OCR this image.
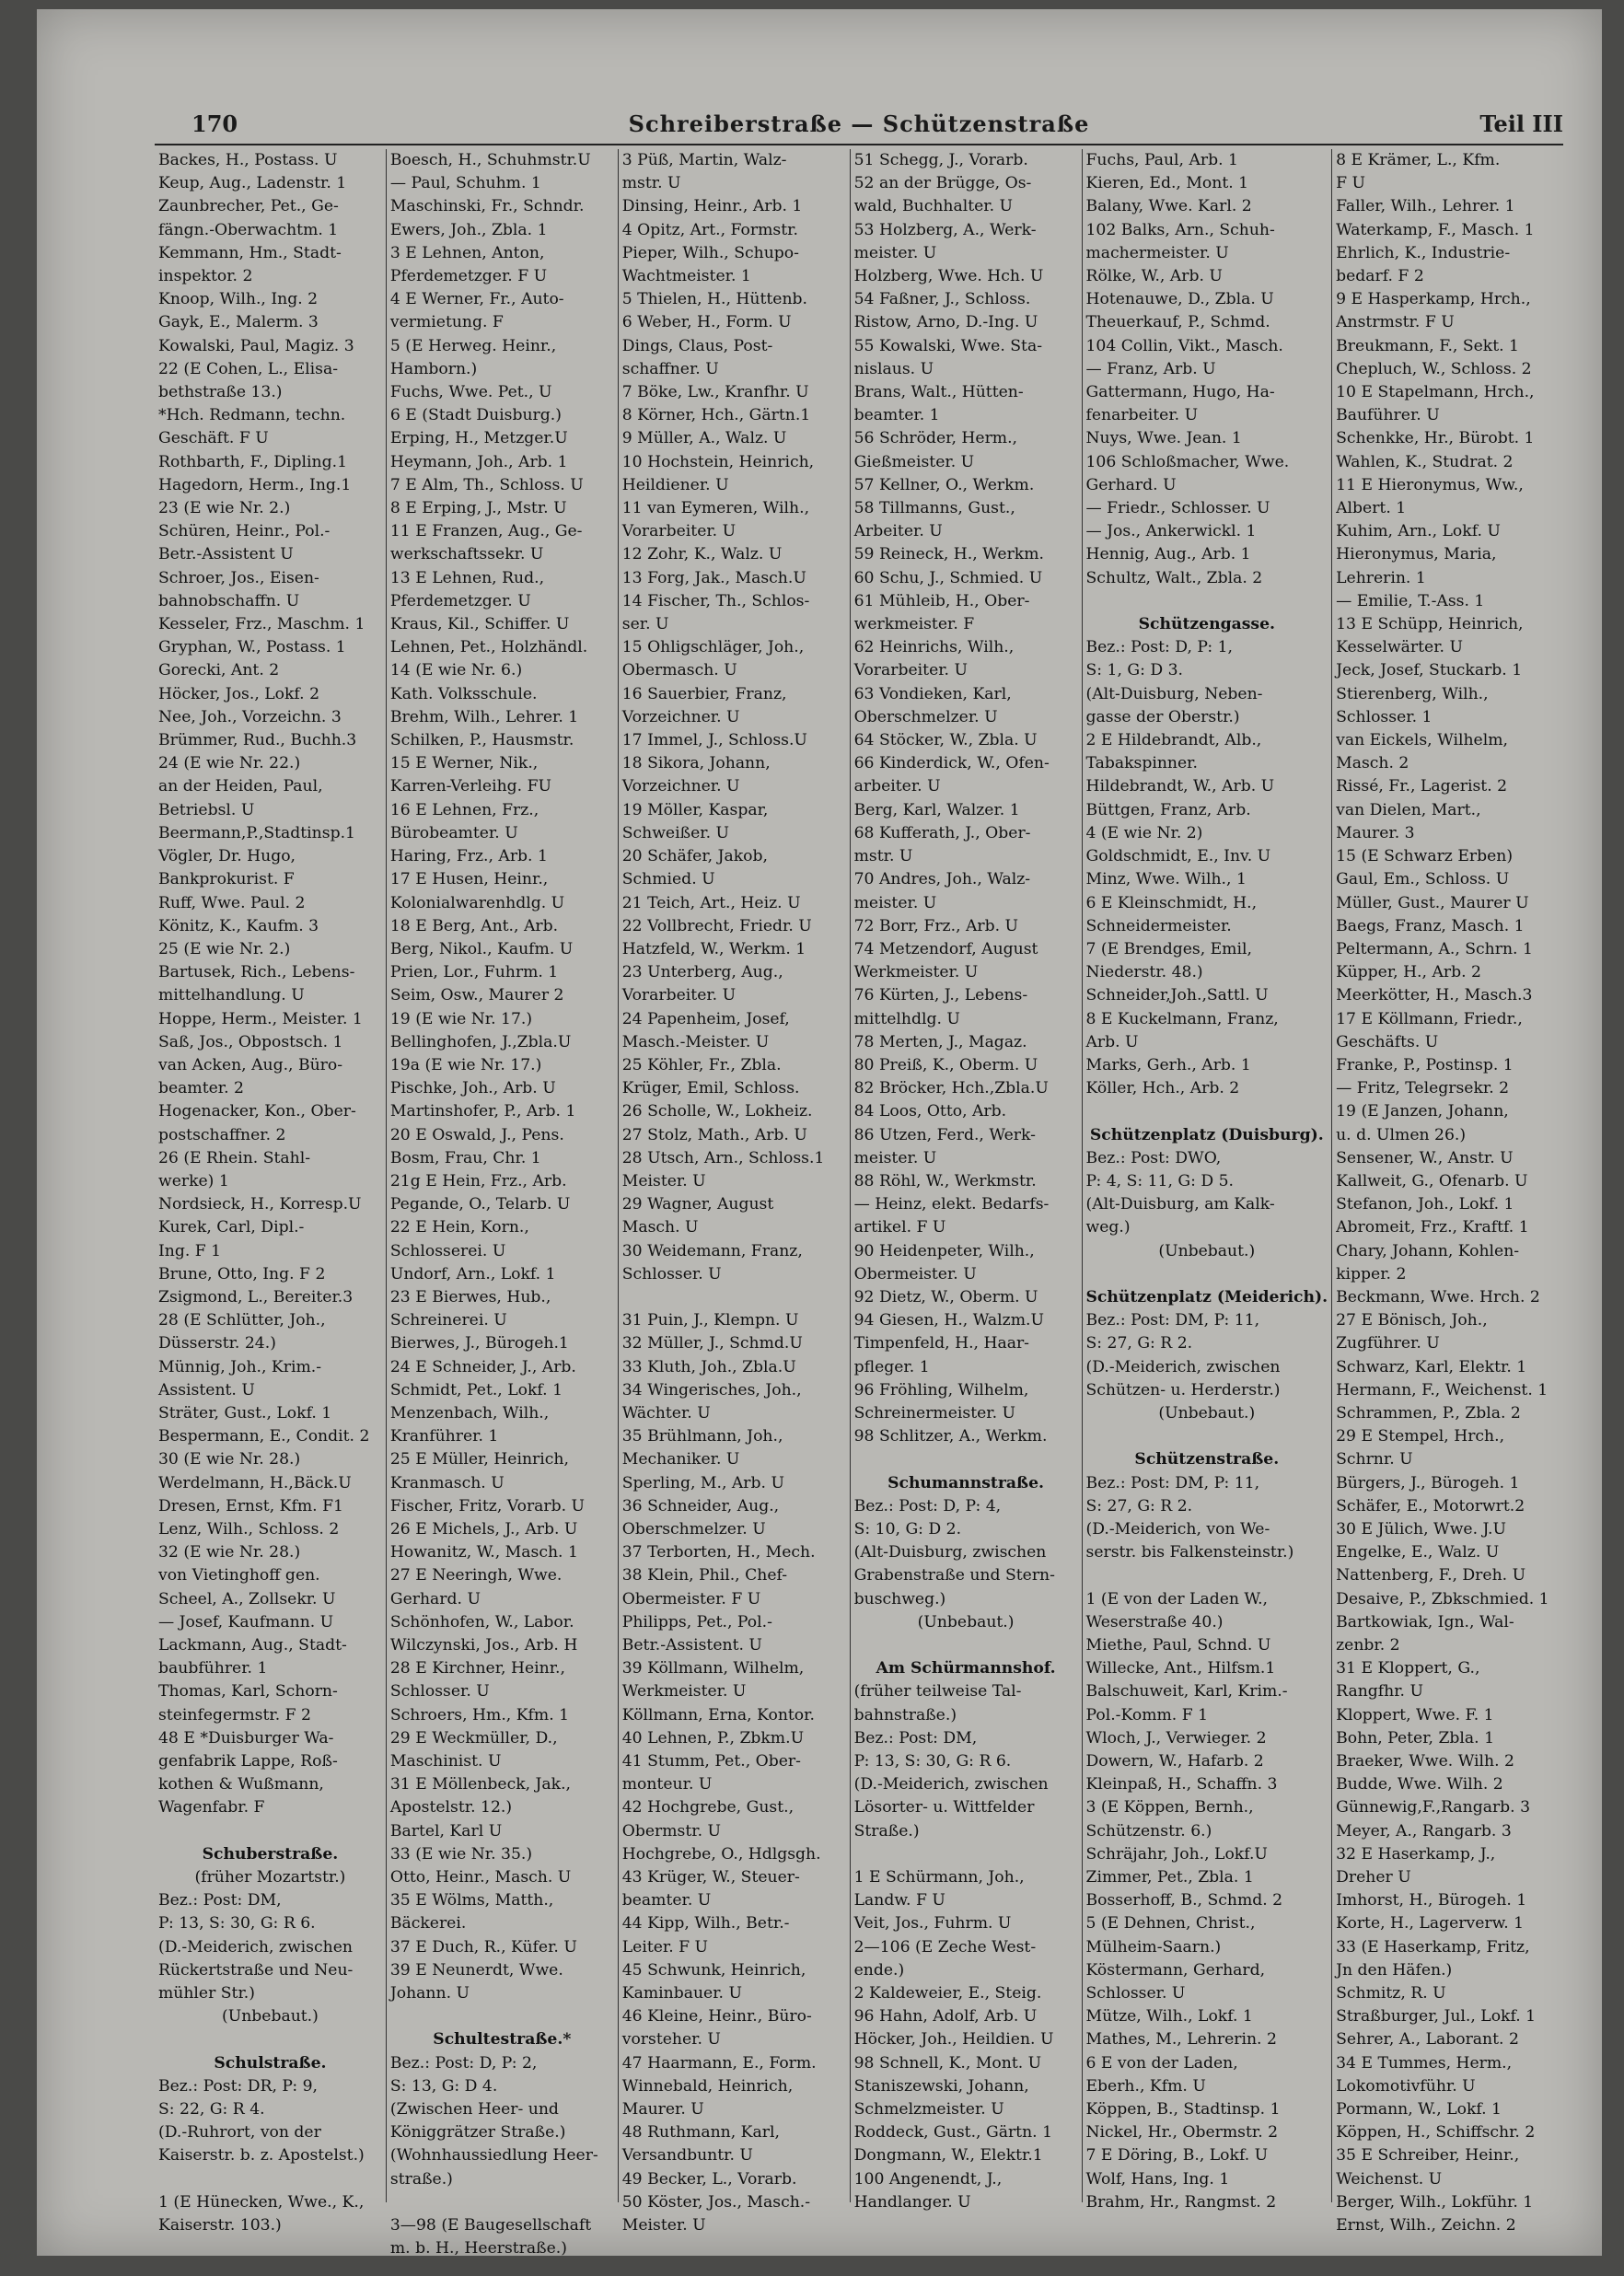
170	Schreiberstraße — Schützenstraße	Teil III
Backes, H., Postass. U
Keup, Aug., Ladenstr. 1
Zaunbrecher, Pet., Ge-
fängn.-Oberwachtm. 1
Kemmann, Hm., Stadt-
inspektor. 2
Knoop, Wilh., Ing. 2
Gayk, E., Malerm. 3
Kowalski, Paul, Magiz. 3
22 (E Cohen, L., Elisa-
bethstraße 13.)
*Hch. Redmann, techn.
Geschäft. F U
Rothbarth, F., Dipling.1
Hagedorn, Herm., Ing.1
23 (E wie Nr. 2.)
Schüren, Heinr., Pol.-
Betr.-Assistent U
Schroer, Jos., Eisen-
bahnobschaffn. U
Kesseler, Frz., Maschm. 1
Gryphan, W., Postass. 1
Gorecki, Ant. 2
Höcker, Jos., Lokf. 2
Nee, Joh., Vorzeichn. 3
Brümmer, Rud., Buchh.3
24 (E wie Nr. 22.)
an der Heiden, Paul,
Betriebsl. U
Beermann,P.,Stadtinsp.1
Vögler, Dr. Hugo,
Bankprokurist. F
Ruff, Wwe. Paul. 2
Könitz, K., Kaufm. 3
25 (E wie Nr. 2.)
Bartusek, Rich., Lebens-
mittelhandlung. U
Hoppe, Herm., Meister. 1
Saß, Jos., Obpostsch. 1
van Acken, Aug., Büro-
beamter. 2
Hogenacker, Kon., Ober-
postschaffner. 2
26 (E Rhein. Stahl-
werke) 1
Nordsieck, H., Korresp.U
Kurek, Carl, Dipl.-
Ing. F 1
Brune, Otto, Ing. F 2
Zsigmond, L., Bereiter.3
28 (E Schlütter, Joh.,
Düsserstr. 24.)
Münnig, Joh., Krim.-
Assistent. U
Sträter, Gust., Lokf. 1
Bespermann, E., Condit. 2
30 (E wie Nr. 28.)
Werdelmann, H.,Bäck.U
Dresen, Ernst, Kfm. F1
Lenz, Wilh., Schloss. 2
32 (E wie Nr. 28.)
von Vietinghoff gen.
Scheel, A., Zollsekr. U
— Josef, Kaufmann. U
Lackmann, Aug., Stadt-
baubführer. 1
Thomas, Karl, Schorn-
steinfegermstr. F 2
48 E *Duisburger Wa-
genfabrik Lappe, Roß-
kothen & Wußmann,
Wagenfabr. F

Schuberstraße.
(früher Mozartstr.)
Bez.: Post: DM,
P: 13, S: 30, G: R 6.
(D.-Meiderich, zwischen
Rückertstraße und Neu-
mühler Str.)
(Unbebaut.)

Schulstraße.
Bez.: Post: DR, P: 9,
S: 22, G: R 4.
(D.-Ruhrort, von der
Kaiserstr. b. z. Apostelst.)

1 (E Hünecken, Wwe., K.,
Kaiserstr. 103.)
Boesch, H., Schuhmstr.U
— Paul, Schuhm. 1
Maschinski, Fr., Schndr.
Ewers, Joh., Zbla. 1
3 E Lehnen, Anton,
Pferdemetzger. F U
4 E Werner, Fr., Auto-
vermietung. F
5 (E Herweg. Heinr.,
Hamborn.)
Fuchs, Wwe. Pet., U
6 E (Stadt Duisburg.)
Erping, H., Metzger.U
Heymann, Joh., Arb. 1
7 E Alm, Th., Schloss. U
8 E Erping, J., Mstr. U
11 E Franzen, Aug., Ge-
werkschaftssekr. U
13 E Lehnen, Rud.,
Pferdemetzger. U
Kraus, Kil., Schiffer. U
Lehnen, Pet., Holzhändl.
14 (E wie Nr. 6.)
Kath. Volksschule.
Brehm, Wilh., Lehrer. 1
Schilken, P., Hausmstr.
15 E Werner, Nik.,
Karren-Verleihg. FU
16 E Lehnen, Frz.,
Bürobeamter. U
Haring, Frz., Arb. 1
17 E Husen, Heinr.,
Kolonialwarenhdlg. U
18 E Berg, Ant., Arb.
Berg, Nikol., Kaufm. U
Prien, Lor., Fuhrm. 1
Seim, Osw., Maurer 2
19 (E wie Nr. 17.)
Bellinghofen, J.,Zbla.U
19a (E wie Nr. 17.)
Pischke, Joh., Arb. U
Martinshofer, P., Arb. 1
20 E Oswald, J., Pens.
Bosm, Frau, Chr. 1
21g E Hein, Frz., Arb.
Pegande, O., Telarb. U
22 E Hein, Korn.,
Schlosserei. U
Undorf, Arn., Lokf. 1
23 E Bierwes, Hub.,
Schreinerei. U
Bierwes, J., Bürogeh.1
24 E Schneider, J., Arb.
Schmidt, Pet., Lokf. 1
Menzenbach, Wilh.,
Kranführer. 1
25 E Müller, Heinrich,
Kranmasch. U
Fischer, Fritz, Vorarb. U
26 E Michels, J., Arb. U
Howanitz, W., Masch. 1
27 E Neeringh, Wwe.
Gerhard. U
Schönhofen, W., Labor.
Wilczynski, Jos., Arb. H
28 E Kirchner, Heinr.,
Schlosser. U
Schroers, Hm., Kfm. 1
29 E Weckmüller, D.,
Maschinist. U
31 E Möllenbeck, Jak.,
Apostelstr. 12.)
Bartel, Karl U
33 (E wie Nr. 35.)
Otto, Heinr., Masch. U
35 E Wölms, Matth.,
Bäckerei.
37 E Duch, R., Küfer. U
39 E Neunerdt, Wwe.
Johann. U

Schultestraße.*
Bez.: Post: D, P: 2,
S: 13, G: D 4.
(Zwischen Heer- und
Königgrätzer Straße.)
(Wohnhaussiedlung Heer-
straße.)

3—98 (E Baugesellschaft
m. b. H., Heerstraße.)
3 Püß, Martin, Walz-
mstr. U
Dinsing, Heinr., Arb. 1
4 Opitz, Art., Formstr.
Pieper, Wilh., Schupo-
Wachtmeister. 1
5 Thielen, H., Hüttenb.
6 Weber, H., Form. U
Dings, Claus, Post-
schaffner. U
7 Böke, Lw., Kranfhr. U
8 Körner, Hch., Gärtn.1
9 Müller, A., Walz. U
10 Hochstein, Heinrich,
Heildiener. U
11 van Eymeren, Wilh.,
Vorarbeiter. U
12 Zohr, K., Walz. U
13 Forg, Jak., Masch.U
14 Fischer, Th., Schlos-
ser. U
15 Ohligschläger, Joh.,
Obermasch. U
16 Sauerbier, Franz,
Vorzeichner. U
17 Immel, J., Schloss.U
18 Sikora, Johann,
Vorzeichner. U
19 Möller, Kaspar,
Schweißer. U
20 Schäfer, Jakob,
Schmied. U
21 Teich, Art., Heiz. U
22 Vollbrecht, Friedr. U
Hatzfeld, W., Werkm. 1
23 Unterberg, Aug.,
Vorarbeiter. U
24 Papenheim, Josef,
Masch.-Meister. U
25 Köhler, Fr., Zbla.
Krüger, Emil, Schloss.
26 Scholle, W., Lokheiz.
27 Stolz, Math., Arb. U
28 Utsch, Arn., Schloss.1
Meister. U
29 Wagner, August
Masch. U
30 Weidemann, Franz,
Schlosser. U

31 Puin, J., Klempn. U
32 Müller, J., Schmd.U
33 Kluth, Joh., Zbla.U
34 Wingerisches, Joh.,
Wächter. U
35 Brühlmann, Joh.,
Mechaniker. U
Sperling, M., Arb. U
36 Schneider, Aug.,
Oberschmelzer. U
37 Terborten, H., Mech.
38 Klein, Phil., Chef-
Obermeister. F U
Philipps, Pet., Pol.-
Betr.-Assistent. U
39 Köllmann, Wilhelm,
Werkmeister. U
Köllmann, Erna, Kontor.
40 Lehnen, P., Zbkm.U
41 Stumm, Pet., Ober-
monteur. U
42 Hochgrebe, Gust.,
Obermstr. U
Hochgrebe, O., Hdlgsgh.
43 Krüger, W., Steuer-
beamter. U
44 Kipp, Wilh., Betr.-
Leiter. F U
45 Schwunk, Heinrich,
Kaminbauer. U
46 Kleine, Heinr., Büro-
vorsteher. U
47 Haarmann, E., Form.
Winnebald, Heinrich,
Maurer. U
48 Ruthmann, Karl,
Versandbuntr. U
49 Becker, L., Vorarb.
50 Köster, Jos., Masch.-
Meister. U
51 Schegg, J., Vorarb.
52 an der Brügge, Os-
wald, Buchhalter. U
53 Holzberg, A., Werk-
meister. U
Holzberg, Wwe. Hch. U
54 Faßner, J., Schloss.
Ristow, Arno, D.-Ing. U
55 Kowalski, Wwe. Sta-
nislaus. U
Brans, Walt., Hütten-
beamter. 1
56 Schröder, Herm.,
Gießmeister. U
57 Kellner, O., Werkm.
58 Tillmanns, Gust.,
Arbeiter. U
59 Reineck, H., Werkm.
60 Schu, J., Schmied. U
61 Mühleib, H., Ober-
werkmeister. F
62 Heinrichs, Wilh.,
Vorarbeiter. U
63 Vondieken, Karl,
Oberschmelzer. U
64 Stöcker, W., Zbla. U
66 Kinderdick, W., Ofen-
arbeiter. U
Berg, Karl, Walzer. 1
68 Kufferath, J., Ober-
mstr. U
70 Andres, Joh., Walz-
meister. U
72 Borr, Frz., Arb. U
74 Metzendorf, August
Werkmeister. U
76 Kürten, J., Lebens-
mittelhdlg. U
78 Merten, J., Magaz.
80 Preiß, K., Oberm. U
82 Bröcker, Hch.,Zbla.U
84 Loos, Otto, Arb.
86 Utzen, Ferd., Werk-
meister. U
88 Röhl, W., Werkmstr.
— Heinz, elekt. Bedarfs-
artikel. F U
90 Heidenpeter, Wilh.,
Obermeister. U
92 Dietz, W., Oberm. U
94 Giesen, H., Walzm.U
Timpenfeld, H., Haar-
pfleger. 1
96 Fröhling, Wilhelm,
Schreinermeister. U
98 Schlitzer, A., Werkm.

Schumannstraße.
Bez.: Post: D, P: 4,
S: 10, G: D 2.
(Alt-Duisburg, zwischen
Grabenstraße und Stern-
buschweg.)
(Unbebaut.)

Am Schürmannshof.
(früher teilweise Tal-
bahnstraße.)
Bez.: Post: DM,
P: 13, S: 30, G: R 6.
(D.-Meiderich, zwischen
Lösorter- u. Wittfelder
Straße.)

1 E Schürmann, Joh.,
Landw. F U
Veit, Jos., Fuhrm. U
2—106 (E Zeche West-
ende.)
2 Kaldeweier, E., Steig.
96 Hahn, Adolf, Arb. U
Höcker, Joh., Heildien. U
98 Schnell, K., Mont. U
Staniszewski, Johann,
Schmelzmeister. U
Roddeck, Gust., Gärtn. 1
Dongmann, W., Elektr.1
100 Angenendt, J.,
Handlanger. U
Fuchs, Paul, Arb. 1
Kieren, Ed., Mont. 1
Balany, Wwe. Karl. 2
102 Balks, Arn., Schuh-
machermeister. U
Rölke, W., Arb. U
Hotenauwe, D., Zbla. U
Theuerkauf, P., Schmd.
104 Collin, Vikt., Masch.
— Franz, Arb. U
Gattermann, Hugo, Ha-
fenarbeiter. U
Nuys, Wwe. Jean. 1
106 Schloßmacher, Wwe.
Gerhard. U
— Friedr., Schlosser. U
— Jos., Ankerwickl. 1
Hennig, Aug., Arb. 1
Schultz, Walt., Zbla. 2

Schützengasse.
Bez.: Post: D, P: 1,
S: 1, G: D 3.
(Alt-Duisburg, Neben-
gasse der Oberstr.)
2 E Hildebrandt, Alb.,
Tabakspinner.
Hildebrandt, W., Arb. U
Büttgen, Franz, Arb.
4 (E wie Nr. 2)
Goldschmidt, E., Inv. U
Minz, Wwe. Wilh., 1
6 E Kleinschmidt, H.,
Schneidermeister.
7 (E Brendges, Emil,
Niederstr. 48.)
Schneider,Joh.,Sattl. U
8 E Kuckelmann, Franz,
Arb. U
Marks, Gerh., Arb. 1
Köller, Hch., Arb. 2

Schützenplatz (Duisburg).
Bez.: Post: DWO,
P: 4, S: 11, G: D 5.
(Alt-Duisburg, am Kalk-
weg.)
(Unbebaut.)

Schützenplatz (Meiderich).
Bez.: Post: DM, P: 11,
S: 27, G: R 2.
(D.-Meiderich, zwischen
Schützen- u. Herderstr.)
(Unbebaut.)

Schützenstraße.
Bez.: Post: DM, P: 11,
S: 27, G: R 2.
(D.-Meiderich, von We-
serstr. bis Falkensteinstr.)

1 (E von der Laden W.,
Weserstraße 40.)
Miethe, Paul, Schnd. U
Willecke, Ant., Hilfsm.1
Balschuweit, Karl, Krim.-
Pol.-Komm. F 1
Wloch, J., Verwieger. 2
Dowern, W., Hafarb. 2
Kleinpaß, H., Schaffn. 3
3 (E Köppen, Bernh.,
Schützenstr. 6.)
Schräjahr, Joh., Lokf.U
Zimmer, Pet., Zbla. 1
Bosserhoff, B., Schmd. 2
5 (E Dehnen, Christ.,
Mülheim-Saarn.)
Köstermann, Gerhard,
Schlosser. U
Mütze, Wilh., Lokf. 1
Mathes, M., Lehrerin. 2
6 E von der Laden,
Eberh., Kfm. U
Köppen, B., Stadtinsp. 1
Nickel, Hr., Obermstr. 2
7 E Döring, B., Lokf. U
Wolf, Hans, Ing. 1
Brahm, Hr., Rangmst. 2
8 E Krämer, L., Kfm.
F U
Faller, Wilh., Lehrer. 1
Waterkamp, F., Masch. 1
Ehrlich, K., Industrie-
bedarf. F 2
9 E Hasperkamp, Hrch.,
Anstrmstr. F U
Breukmann, F., Sekt. 1
Chepluch, W., Schloss. 2
10 E Stapelmann, Hrch.,
Bauführer. U
Schenkke, Hr., Bürobt. 1
Wahlen, K., Studrat. 2
11 E Hieronymus, Ww.,
Albert. 1
Kuhim, Arn., Lokf. U
Hieronymus, Maria,
Lehrerin. 1
— Emilie, T.-Ass. 1
13 E Schüpp, Heinrich,
Kesselwärter. U
Jeck, Josef, Stuckarb. 1
Stierenberg, Wilh.,
Schlosser. 1
van Eickels, Wilhelm,
Masch. 2
Rissé, Fr., Lagerist. 2
van Dielen, Mart.,
Maurer. 3
15 (E Schwarz Erben)
Gaul, Em., Schloss. U
Müller, Gust., Maurer U
Baegs, Franz, Masch. 1
Peltermann, A., Schrn. 1
Küpper, H., Arb. 2
Meerkötter, H., Masch.3
17 E Köllmann, Friedr.,
Geschäfts. U
Franke, P., Postinsp. 1
— Fritz, Telegrsekr. 2
19 (E Janzen, Johann,
u. d. Ulmen 26.)
Sensener, W., Anstr. U
Kallweit, G., Ofenarb. U
Stefanon, Joh., Lokf. 1
Abromeit, Frz., Kraftf. 1
Chary, Johann, Kohlen-
kipper. 2
Beckmann, Wwe. Hrch. 2
27 E Bönisch, Joh.,
Zugführer. U
Schwarz, Karl, Elektr. 1
Hermann, F., Weichenst. 1
Schrammen, P., Zbla. 2
29 E Stempel, Hrch.,
Schrnr. U
Bürgers, J., Bürogeh. 1
Schäfer, E., Motorwrt.2
30 E Jülich, Wwe. J.U
Engelke, E., Walz. U
Nattenberg, F., Dreh. U
Desaive, P., Zbkschmied. 1
Bartkowiak, Ign., Wal-
zenbr. 2
31 E Kloppert, G.,
Rangfhr. U
Kloppert, Wwe. F. 1
Bohn, Peter, Zbla. 1
Braeker, Wwe. Wilh. 2
Budde, Wwe. Wilh. 2
Günnewig,F.,Rangarb. 3
Meyer, A., Rangarb. 3
32 E Haserkamp, J.,
Dreher U
Imhorst, H., Bürogeh. 1
Korte, H., Lagerverw. 1
33 (E Haserkamp, Fritz,
Jn den Häfen.)
Schmitz, R. U
Straßburger, Jul., Lokf. 1
Sehrer, A., Laborant. 2
34 E Tummes, Herm.,
Lokomotivführ. U
Pormann, W., Lokf. 1
Köppen, H., Schiffschr. 2
35 E Schreiber, Heinr.,
Weichenst. U
Berger, Wilh., Lokführ. 1
Ernst, Wilh., Zeichn. 2
